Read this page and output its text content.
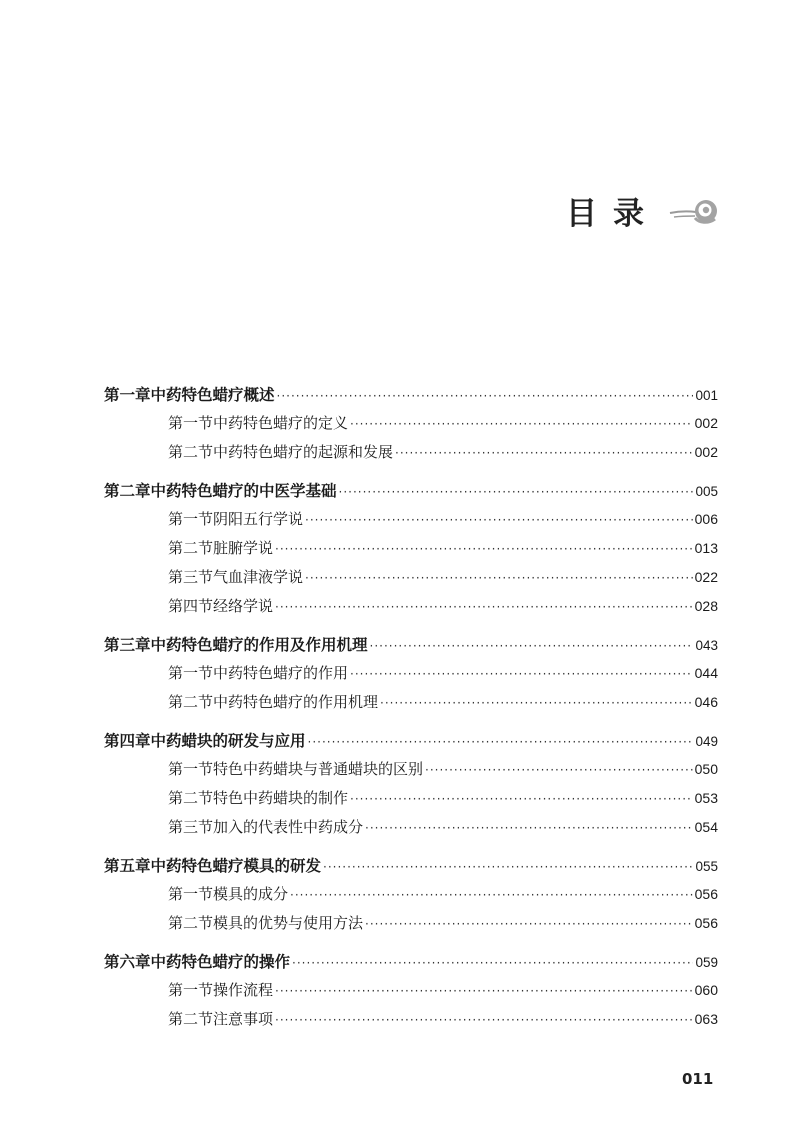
目录
第一章 中药特色蜡疗概述 ·····	001
第一节 中药特色蜡疗的定义 ·····	002
第二节 中药特色蜡疗的起源和发展 ·····	002
第二章 中药特色蜡疗的中医学基础 ·····	005
第一节 阴阳五行学说 ·····	006
第二节 脏腑学说 ·····	013
第三节 气血津液学说 ·····	022
第四节 经络学说 ·····	028
第三章 中药特色蜡疗的作用及作用机理 ·····	043
第一节 中药特色蜡疗的作用 ·····	044
第二节 中药特色蜡疗的作用机理 ·····	046
第四章 中药蜡块的研发与应用 ·····	049
第一节 特色中药蜡块与普通蜡块的区别 ·····	050
第二节 特色中药蜡块的制作 ·····	053
第三节 加入的代表性中药成分 ·····	054
第五章 中药特色蜡疗模具的研发 ·····	055
第一节 模具的成分 ·····	056
第二节 模具的优势与使用方法 ·····	056
第六章 中药特色蜡疗的操作 ·····	059
第一节 操作流程 ·····	060
第二节 注意事项 ·····	063
011
